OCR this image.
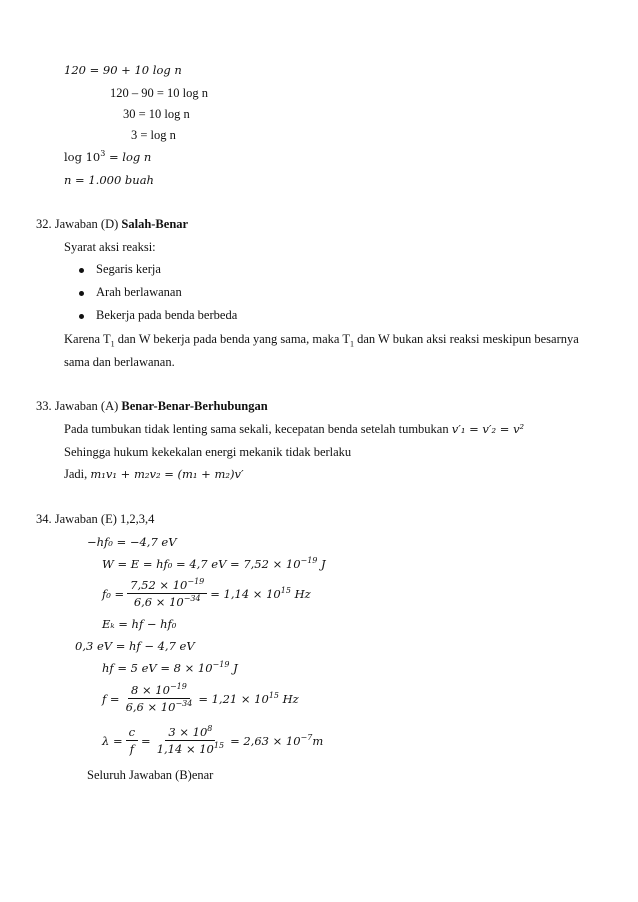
120 = 90 + 10 log n
120 – 90 = 10 log n
30 = 10 log n
3 = log n
$\log 10^3 = \log n$
n = 1.000 buah
32. Jawaban (D) Salah-Benar
Syarat aksi reaksi:
Segaris kerja
Arah berlawanan
Bekerja pada benda berbeda
Karena $T_1$ dan W bekerja pada benda yang sama, maka $T_1$ dan W bukan aksi reaksi meskipun besarnya
sama dan berlawanan.
33. Jawaban (A) Benar-Benar-Berhubungan
Pada tumbukan tidak lenting sama sekali, kecepatan benda setelah tumbukan v′₁ = v′₂ = v²
Sehingga hukum kekekalan energi mekanik tidak berlaku
Jadi, m₁v₁ + m₂v₂ = (m₁ + m₂)v′
34. Jawaban (E) 1,2,3,4
−hf₀ = −4,7 eV
W = E = hf₀ = 4,7 eV = $7,52 \times 10^{-19}$ J
$f_0 = \frac{7,52 \times 10^{-19}}{6,6 \times 10^{-34}} = 1,14 \times 10^{15}$ Hz
Eₖ = hf − hf₀
0,3 eV = hf − 4,7 eV
hf = 5 eV = $8 \times 10^{-19}$ J
$f = \frac{8 \times 10^{-19}}{6,6 \times 10^{-34}} = 1,21 \times 10^{15}$ Hz
$\lambda = \frac{c}{f} = \frac{3 \times 10^8}{1,14 \times 10^{15}} = 2,63 \times 10^{-7}m$
Seluruh Jawaban (B)enar
